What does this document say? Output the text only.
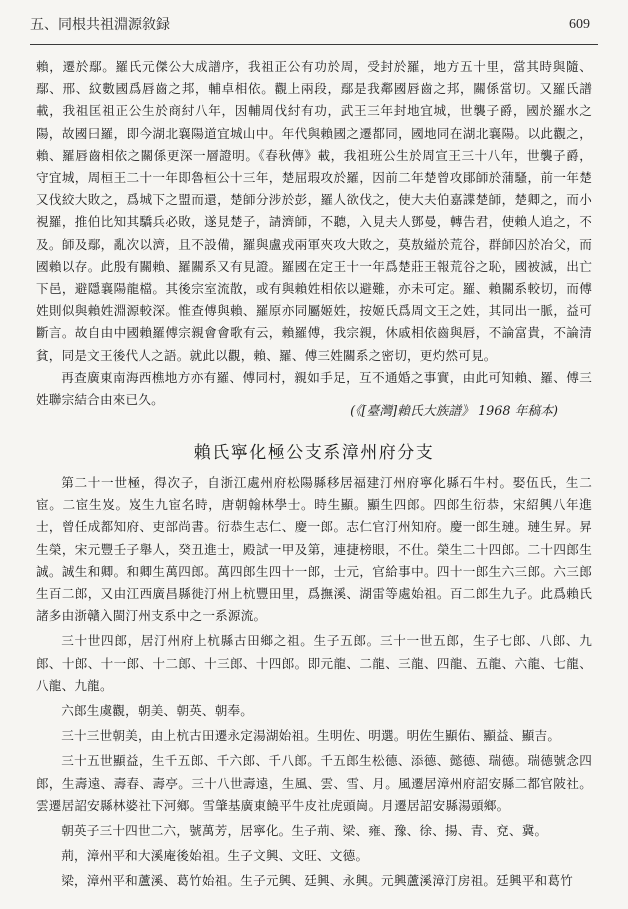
五、同根共祖淵源敘録	609

賴，遷於鄢。羅氏元傑公大成譜序，我祖正公有功於周，受封於羅，地方五十里，當其時與隨、鄢、邢、紋數國爲唇齒之邦，輔卓相依。觀上兩段，鄢是我鄰國唇齒之邦，關係當切。又羅氏譜載，我祖匡祖正公生於商紂八年，因輔周伐紂有功，武王三年封地宜城，世襲子爵，國於羅水之陽，故國曰羅，即今湖北襄陽道宜城山中。年代與賴國之遷都同，國地同在湖北襄陽。以此觀之，賴、羅唇齒相依之關係更深一層證明。《春秋傳》載，我祖班公生於周宣王三十八年，世襲子爵，守宜城，周桓王二十一年即魯桓公十三年，楚屈瑕攻於羅，因前二年楚曾攻鄖師於蒲騷，前一年楚又伐絞大敗之，爲城下之盟而還，楚師分涉於彭，羅人欲伐之，使大夫伯嘉諜楚師，楚卿之，而小視羅，推伯比知其驕兵必敗，遂見楚子，請濟師，不聽，入見夫人鄧曼，轉告君，使賴人追之，不及。師及鄢，亂次以濟，且不設備，羅與盧戎兩軍夾攻大敗之，莫敖縊於荒谷，群師囚於冶父，而國賴以存。此殷有關賴、羅關系又有見證。羅國在定王十一年爲楚莊王報荒谷之恥，國被滅，出亡下邑，避隱襄陽龍檔。其後宗室流散，或有與賴姓相依以避難，亦未可定。羅、賴關系較切，而傅姓則似與賴姓淵源較深。惟查傅與賴、羅原亦同屬姬姓，按姬氏爲周文王之姓，其同出一脈，益可斷言。故自由中國賴羅傅宗親會會歌有云，賴羅傅，我宗親，休戚相依齒與唇，不論富貴，不論清貧，同是文王後代人之語。就此以觀，賴、羅、傅三姓關系之密切，更灼然可見。

再查廣東南海西樵地方亦有羅、傅同村，親如手足，互不通婚之事實，由此可知賴、羅、傅三姓聯宗結合由來已久。

(《[臺灣]賴氏大族譜》 1968 年稿本)
賴氏寧化極公支系漳州府分支

第二十一世極，得次子，自浙江處州府松陽縣移居福建汀州府寧化縣石牛村。娶伍氏，生二宦。二宦生岌。岌生九宦名時，唐朝翰林學士。時生顯。顯生四郎。四郎生衍恭，宋紹興八年進士，曾任成都知府、吏部尚書。衍恭生志仁、慶一郎。志仁官汀州知府。慶一郎生璉。璉生昇。昇生榮，宋元豐壬子舉人，癸丑進士，殿試一甲及第，連捷榜眼，不仕。榮生二十四郎。二十四郎生誠。誠生和卿。和卿生萬四郎。萬四郎生四十一郎，士元，官給事中。四十一郎生六三郎。六三郎生百二郎，又由江西廣昌縣徙汀州上杭豐田里，爲撫溪、湖雷等處始祖。百二郎生九子。此爲賴氏諸多由浙贛入閩汀州支系中之一系源流。

三十世四郎，居汀州府上杭縣古田鄉之祖。生子五郎。三十一世五郎，生子七郎、八郎、九郎、十郎、十一郎、十二郎、十三郎、十四郎。即元龍、二龍、三龍、四龍、五龍、六龍、七龍、八龍、九龍。

六郎生虞觀，朝美、朝英、朝奉。

三十三世朝美，由上杭古田遷永定湯湖始祖。生明佐、明選。明佐生顯佑、顯益、顯吉。

三十五世顯益，生千五郎、千六郎、千八郎。千五郎生松德、添德、懿德、瑞德。瑞德號念四郎，生壽遠、壽春、壽亭。三十八世壽遠，生風、雲、雪、月。風遷居漳州府詔安縣二都官陂社。雲遷居詔安縣林婆社下河鄉。雪肇基廣東饒平牛皮社虎頭崗。月遷居詔安縣湯頭鄉。

朝英子三十四世二六，號萬芳，居寧化。生子荊、梁、雍、豫、徐、揚、青、兗、冀。

荊，漳州平和大溪庵後始祖。生子文興、文旺、文德。

梁，漳州平和蘆溪、葛竹始祖。生子元興、廷興、永興。元興蘆溪漳汀房祖。廷興平和葛竹
